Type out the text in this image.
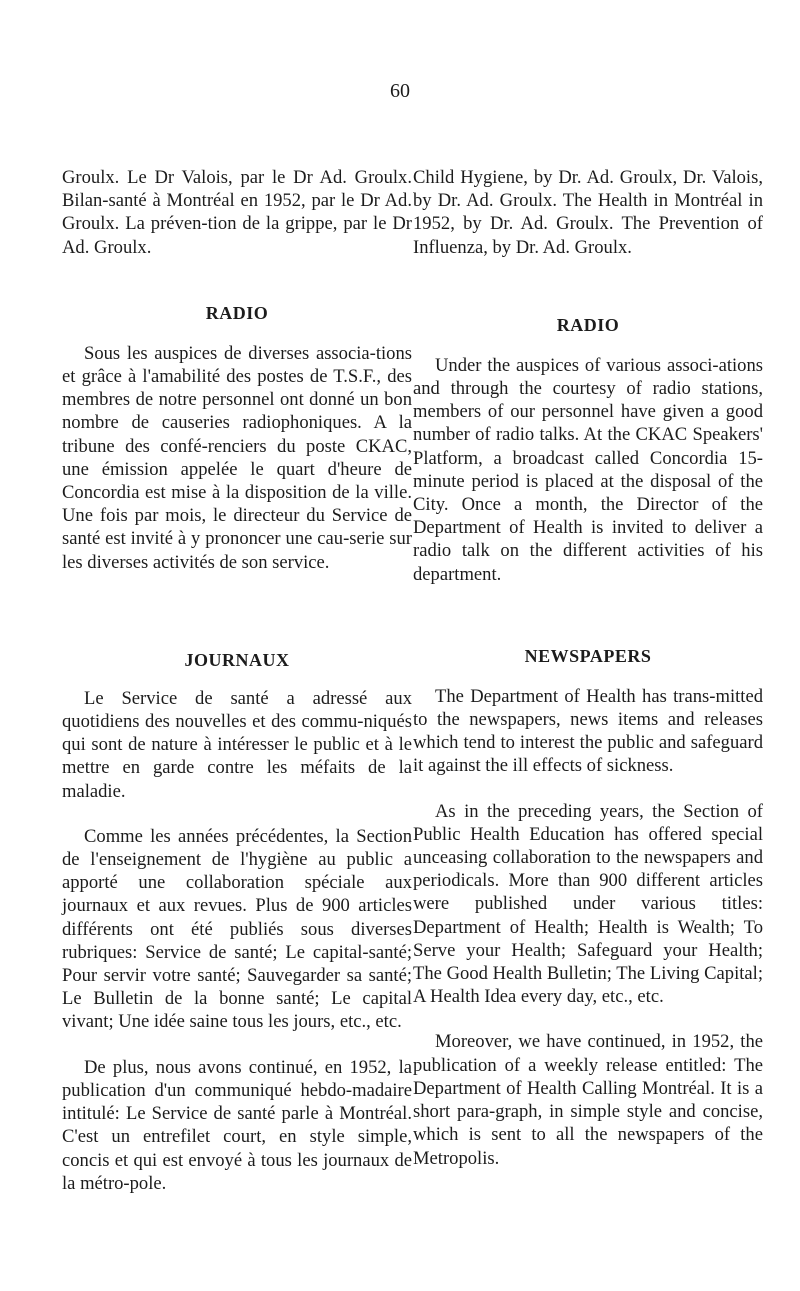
60

Groulx. Le Dr Valois, par le Dr Ad. Groulx. Bilan-santé à Montréal en 1952, par le Dr Ad. Groulx. La préven-tion de la grippe, par le Dr Ad. Groulx.

RADIO

Sous les auspices de diverses associa-tions et grâce à l'amabilité des postes de T.S.F., des membres de notre personnel ont donné un bon nombre de causeries radiophoniques. A la tribune des confé-renciers du poste CKAC, une émission appelée le quart d'heure de Concordia est mise à la disposition de la ville. Une fois par mois, le directeur du Service de santé est invité à y prononcer une cau-serie sur les diverses activités de son service.

JOURNAUX

Le Service de santé a adressé aux quotidiens des nouvelles et des commu-niqués qui sont de nature à intéresser le public et à le mettre en garde contre les méfaits de la maladie.

Comme les années précédentes, la Section de l'enseignement de l'hygiène au public a apporté une collaboration spéciale aux journaux et aux revues. Plus de 900 articles différents ont été publiés sous diverses rubriques: Service de santé; Le capital-santé; Pour servir votre santé; Sauvegarder sa santé; Le Bulletin de la bonne santé; Le capital vivant; Une idée saine tous les jours, etc., etc.

De plus, nous avons continué, en 1952, la publication d'un communiqué hebdo-madaire intitulé: Le Service de santé parle à Montréal. C'est un entrefilet court, en style simple, concis et qui est envoyé à tous les journaux de la métro-pole.

Child Hygiene, by Dr. Ad. Groulx, Dr. Valois, by Dr. Ad. Groulx. The Health in Montréal in 1952, by Dr. Ad. Groulx. The Prevention of Influenza, by Dr. Ad. Groulx.

RADIO

Under the auspices of various associ-ations and through the courtesy of radio stations, members of our personnel have given a good number of radio talks. At the CKAC Speakers' Platform, a broadcast called Concordia 15-minute period is placed at the disposal of the City. Once a month, the Director of the Department of Health is invited to deliver a radio talk on the different activities of his department.

NEWSPAPERS

The Department of Health has trans-mitted to the newspapers, news items and releases which tend to interest the public and safeguard it against the ill effects of sickness.

As in the preceding years, the Section of Public Health Education has offered special unceasing collaboration to the newspapers and periodicals. More than 900 different articles were published under various titles: Department of Health; Health is Wealth; To Serve your Health; Safeguard your Health; The Good Health Bulletin; The Living Capital; A Health Idea every day, etc., etc.

Moreover, we have continued, in 1952, the publication of a weekly release entitled: The Department of Health Calling Montréal. It is a short para-graph, in simple style and concise, which is sent to all the newspapers of the Metropolis.
